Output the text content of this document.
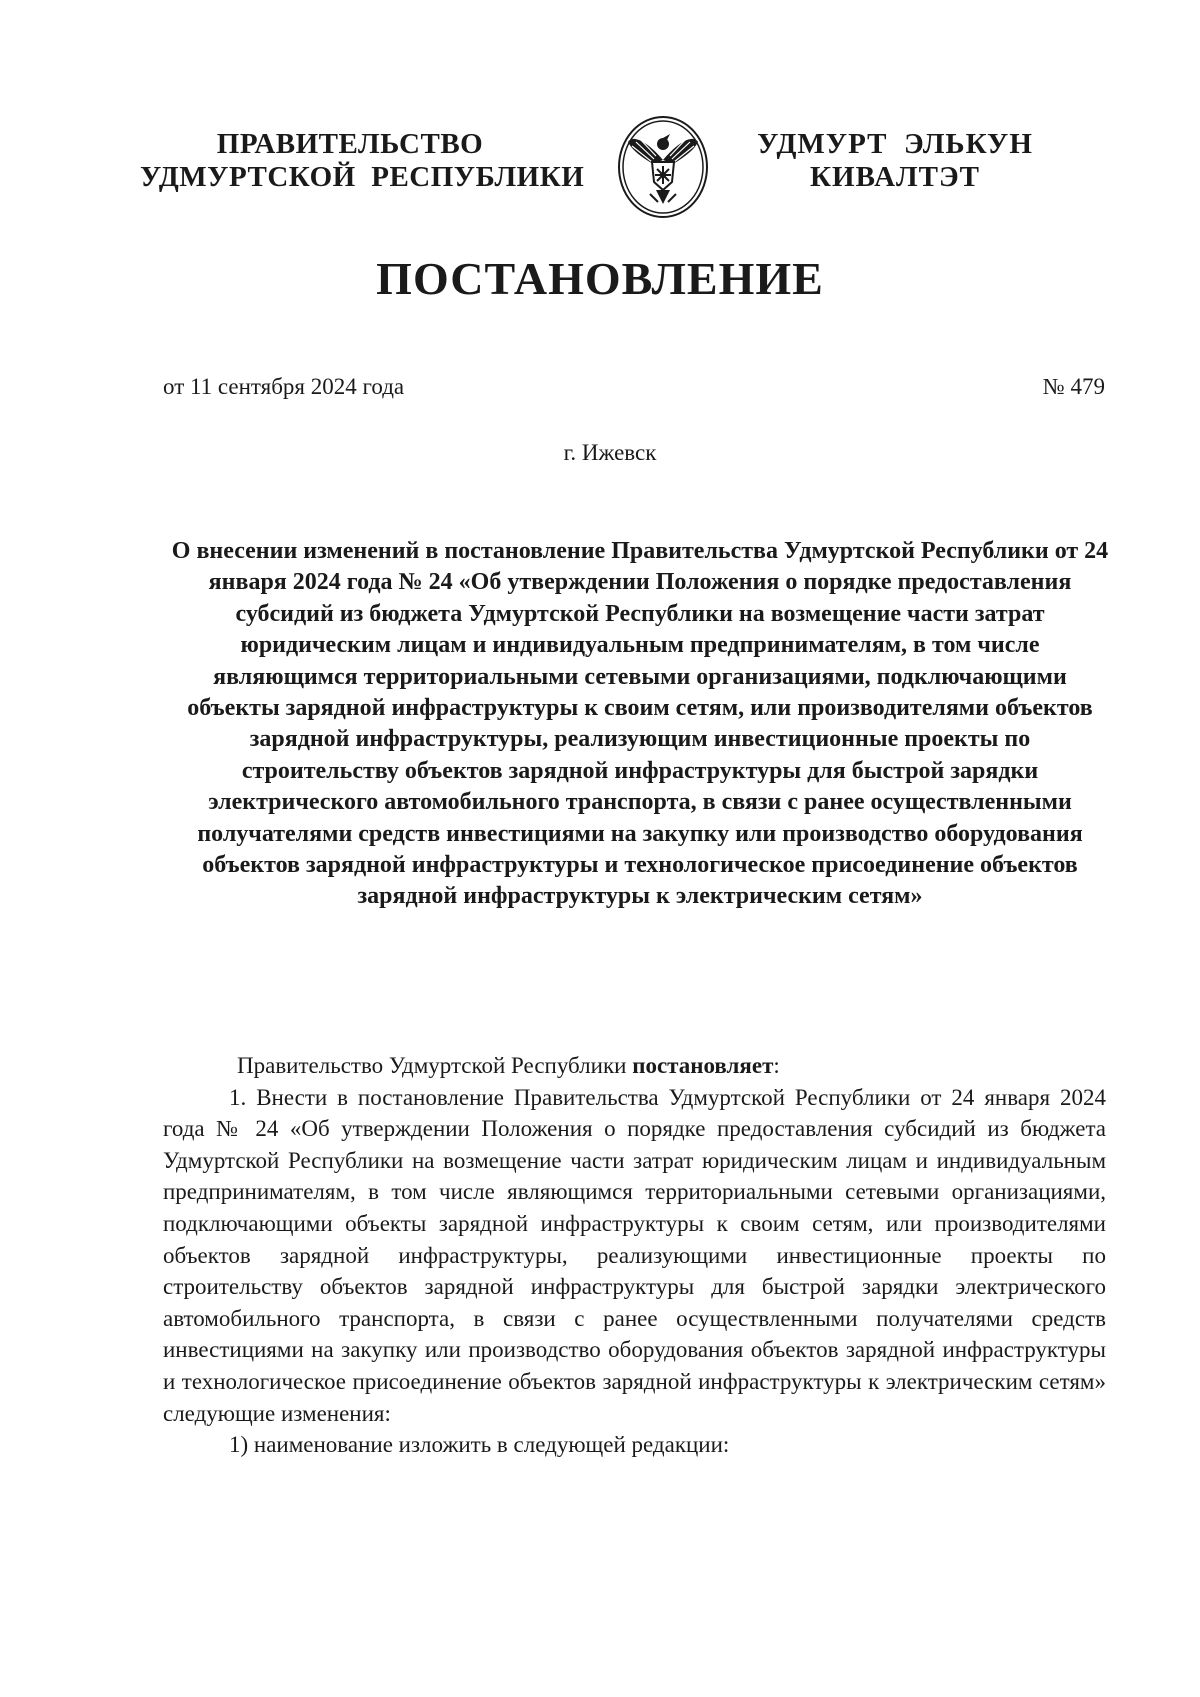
ПРАВИТЕЛЬСТВО
УДМУРТСКОЙ  РЕСПУБЛИКИ
УДМУРТ  ЭЛЬКУН
КИВАЛТЭТ
ПОСТАНОВЛЕНИЕ
от 11 сентября 2024 года	№ 479
г. Ижевск
О внесении изменений в постановление Правительства Удмуртской Республики от 24 января 2024 года № 24 «Об утверждении Положения о порядке предоставления субсидий из бюджета Удмуртской Республики на возмещение части затрат юридическим лицам и индивидуальным предпринимателям, в том числе являющимся территориальными сетевыми организациями, подключающими объекты зарядной инфраструктуры к своим сетям, или производителями объектов зарядной инфраструктуры, реализующим инвестиционные проекты по строительству объектов зарядной инфраструктуры для быстрой зарядки электрического автомобильного транспорта, в связи с ранее осуществленными получателями средств инвестициями на закупку или производство оборудования объектов зарядной инфраструктуры и технологическое присоединение объектов зарядной инфраструктуры к электрическим сетям»

Правительство Удмуртской Республики постановляет:

1. Внести в постановление Правительства Удмуртской Республики от 24 января 2024 года № 24 «Об утверждении Положения о порядке предоставления субсидий из бюджета Удмуртской Республики на возмещение части затрат юридическим лицам и индивидуальным предпринимателям, в том числе являющимся территориальными сетевыми организациями, подключающими объекты зарядной инфраструктуры к своим сетям, или производителями объектов зарядной инфраструктуры, реализующими инвестиционные проекты по строительству объектов зарядной инфраструктуры для быстрой зарядки электрического автомобильного транспорта, в связи с ранее осуществленными получателями средств инвестициями на закупку или производство оборудования объектов зарядной инфраструктуры и технологическое присоединение объектов зарядной инфраструктуры к электрическим сетям» следующие изменения:

1) наименование изложить в следующей редакции:
